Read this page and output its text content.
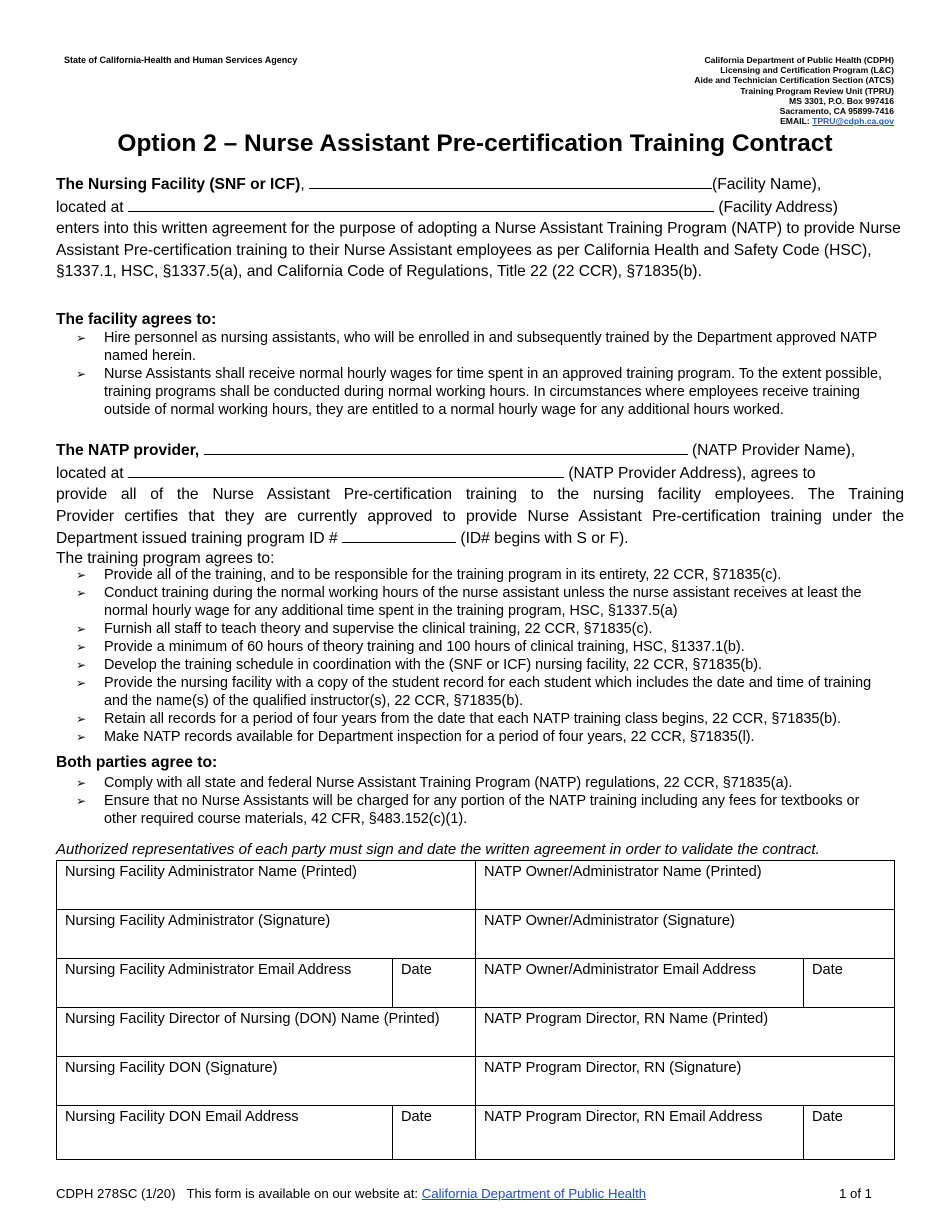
State of California-Health and Human Services Agency	California Department of Public Health (CDPH)
Licensing and Certification Program (L&C)
Aide and Technician Certification Section (ATCS)
Training Program Review Unit (TPRU)
MS 3301, P.O. Box 997416
Sacramento, CA 95899-7416
EMAIL: TPRU@cdph.ca.gov
Option 2 – Nurse Assistant Pre-certification Training Contract
The Nursing Facility (SNF or ICF),	(Facility Name),
located at	(Facility Address)
enters into this written agreement for the purpose of adopting a Nurse Assistant Training Program (NATP) to provide Nurse Assistant Pre-certification training to their Nurse Assistant employees as per California Health and Safety Code (HSC), §1337.1, HSC, §1337.5(a), and California Code of Regulations, Title 22 (22 CCR), §71835(b).
The facility agrees to:
➢ Hire personnel as nursing assistants, who will be enrolled in and subsequently trained by the Department approved NATP named herein.
➢ Nurse Assistants shall receive normal hourly wages for time spent in an approved training program. To the extent possible, training programs shall be conducted during normal working hours. In circumstances where employees receive training outside of normal working hours, they are entitled to a normal hourly wage for any additional hours worked.
The NATP provider,	(NATP Provider Name),
located at	(NATP Provider Address), agrees to
provide all of the Nurse Assistant Pre-certification training to the nursing facility employees. The Training
Provider certifies that they are currently approved to provide Nurse Assistant Pre-certification training under the
Department issued training program ID #	(ID# begins with S or F).
The training program agrees to:
➢ Provide all of the training, and to be responsible for the training program in its entirety, 22 CCR, §71835(c).
➢ Conduct training during the normal working hours of the nurse assistant unless the nurse assistant receives at least the normal hourly wage for any additional time spent in the training program, HSC, §1337.5(a)
➢ Furnish all staff to teach theory and supervise the clinical training, 22 CCR, §71835(c).
➢ Provide a minimum of 60 hours of theory training and 100 hours of clinical training, HSC, §1337.1(b).
➢ Develop the training schedule in coordination with the (SNF or ICF) nursing facility, 22 CCR, §71835(b).
➢ Provide the nursing facility with a copy of the student record for each student which includes the date and time of training and the name(s) of the qualified instructor(s), 22 CCR, §71835(b).
➢ Retain all records for a period of four years from the date that each NATP training class begins, 22 CCR, §71835(b).
➢ Make NATP records available for Department inspection for a period of four years, 22 CCR, §71835(l).
Both parties agree to:
➢ Comply with all state and federal Nurse Assistant Training Program (NATP) regulations, 22 CCR, §71835(a).
➢ Ensure that no Nurse Assistants will be charged for any portion of the NATP training including any fees for textbooks or other required course materials, 42 CFR, §483.152(c)(1).
Authorized representatives of each party must sign and date the written agreement in order to validate the contract.
Nursing Facility Administrator Name (Printed)		NATP Owner/Administrator Name (Printed)	
Nursing Facility Administrator (Signature)		NATP Owner/Administrator (Signature)	
Nursing Facility Administrator Email Address	Date	NATP Owner/Administrator Email Address	Date
Nursing Facility Director of Nursing (DON) Name (Printed)		NATP Program Director, RN Name (Printed)	
Nursing Facility DON (Signature)		NATP Program Director, RN (Signature)	
Nursing Facility DON Email Address	Date	NATP Program Director, RN Email Address	Date
CDPH 278SC (1/20) This form is available on our website at: California Department of Public Health	1 of 1
